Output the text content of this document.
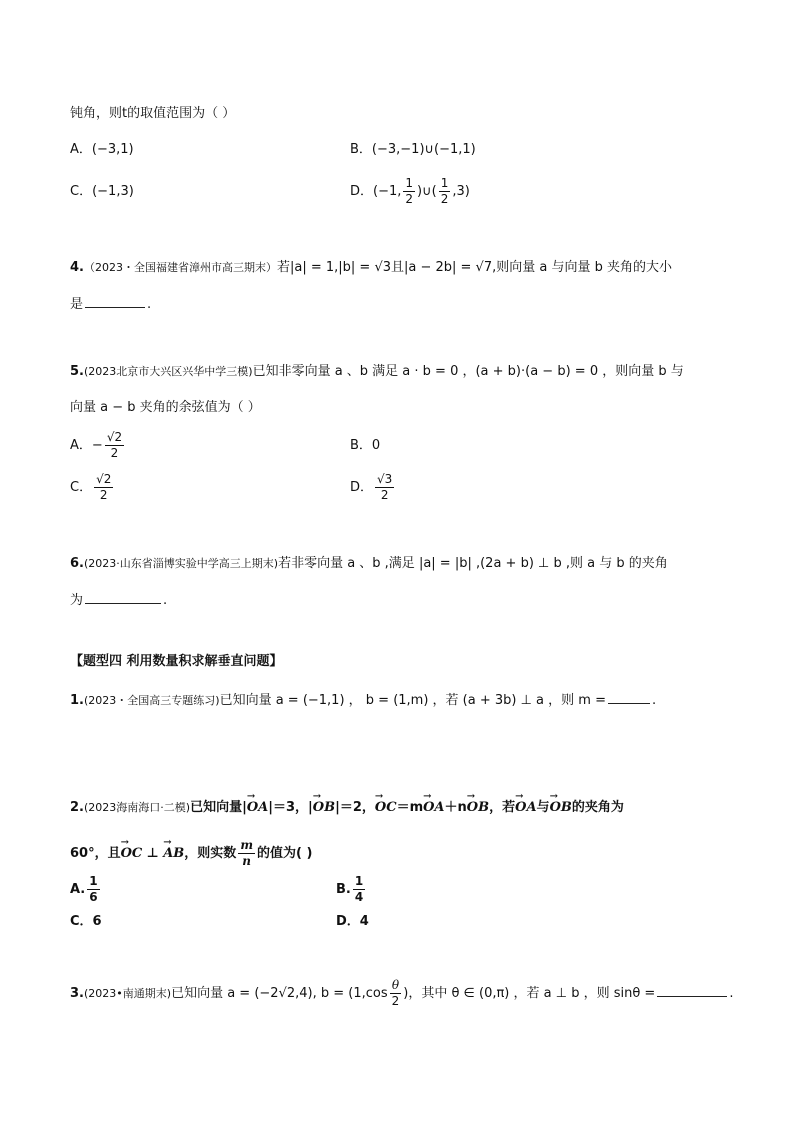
钝角，则t的取值范围为（ ）
A．(−3,1)	B．(−3,−1)∪(−1,1)
C．(−1,3)	D．(−1, $\frac{1}{2}$ )∪( $\frac{1}{2} ,3$)
4.（2023・全国福建省漳州市高三期末）若|a| = 1,|b| = √3且|a − 2b| = √7,则向量 a 与向量 b 夹角的大小
是	.
5.(2023北京市大兴区兴华中学三模)已知非零向量 a 、b 满足 a · b = 0 ，(a + b)·(a − b) = 0 ，则向量 b 与
向量 a − b 夹角的余弦值为（ ）
A．− $\frac{√2}{2}$	B．0
C． $\frac{√2}{2}$	D． $\frac{√3}{2}$
6.(2023·山东省淄博实验中学高三上期末)若非零向量 a 、b ,满足 |a| = |b| ,(2a + b) ⊥ b ,则 a 与 b 的夹角
为	.
【题型四 利用数量积求解垂直问题】
1.(2023・全国高三专题练习)已知向量 a = (−1,1) ， b = (1,m) ，若 (a + 3b) ⊥ a ，则 m =	.
2.(2023海南海口·二模)已知向量|→ OA|＝3，|→ OB|＝2，→ OC＝m→ OA＋n→ OB，若→ OA与→ OB的夹角为
60°，且→ OC ⊥ → AB，则实数 $\frac{m}{n}$ 的值为( )
A. $\frac{1}{6}$	B. $\frac{1}{4}$
C．6	D．4
3.(2023•南通期末)已知向量 a = (−2√2,4), $b = (1,\cos \frac{\theta}{2}$ )，其中 θ ∈ (0,π) ，若 a ⊥ b ，则 sinθ =	.
